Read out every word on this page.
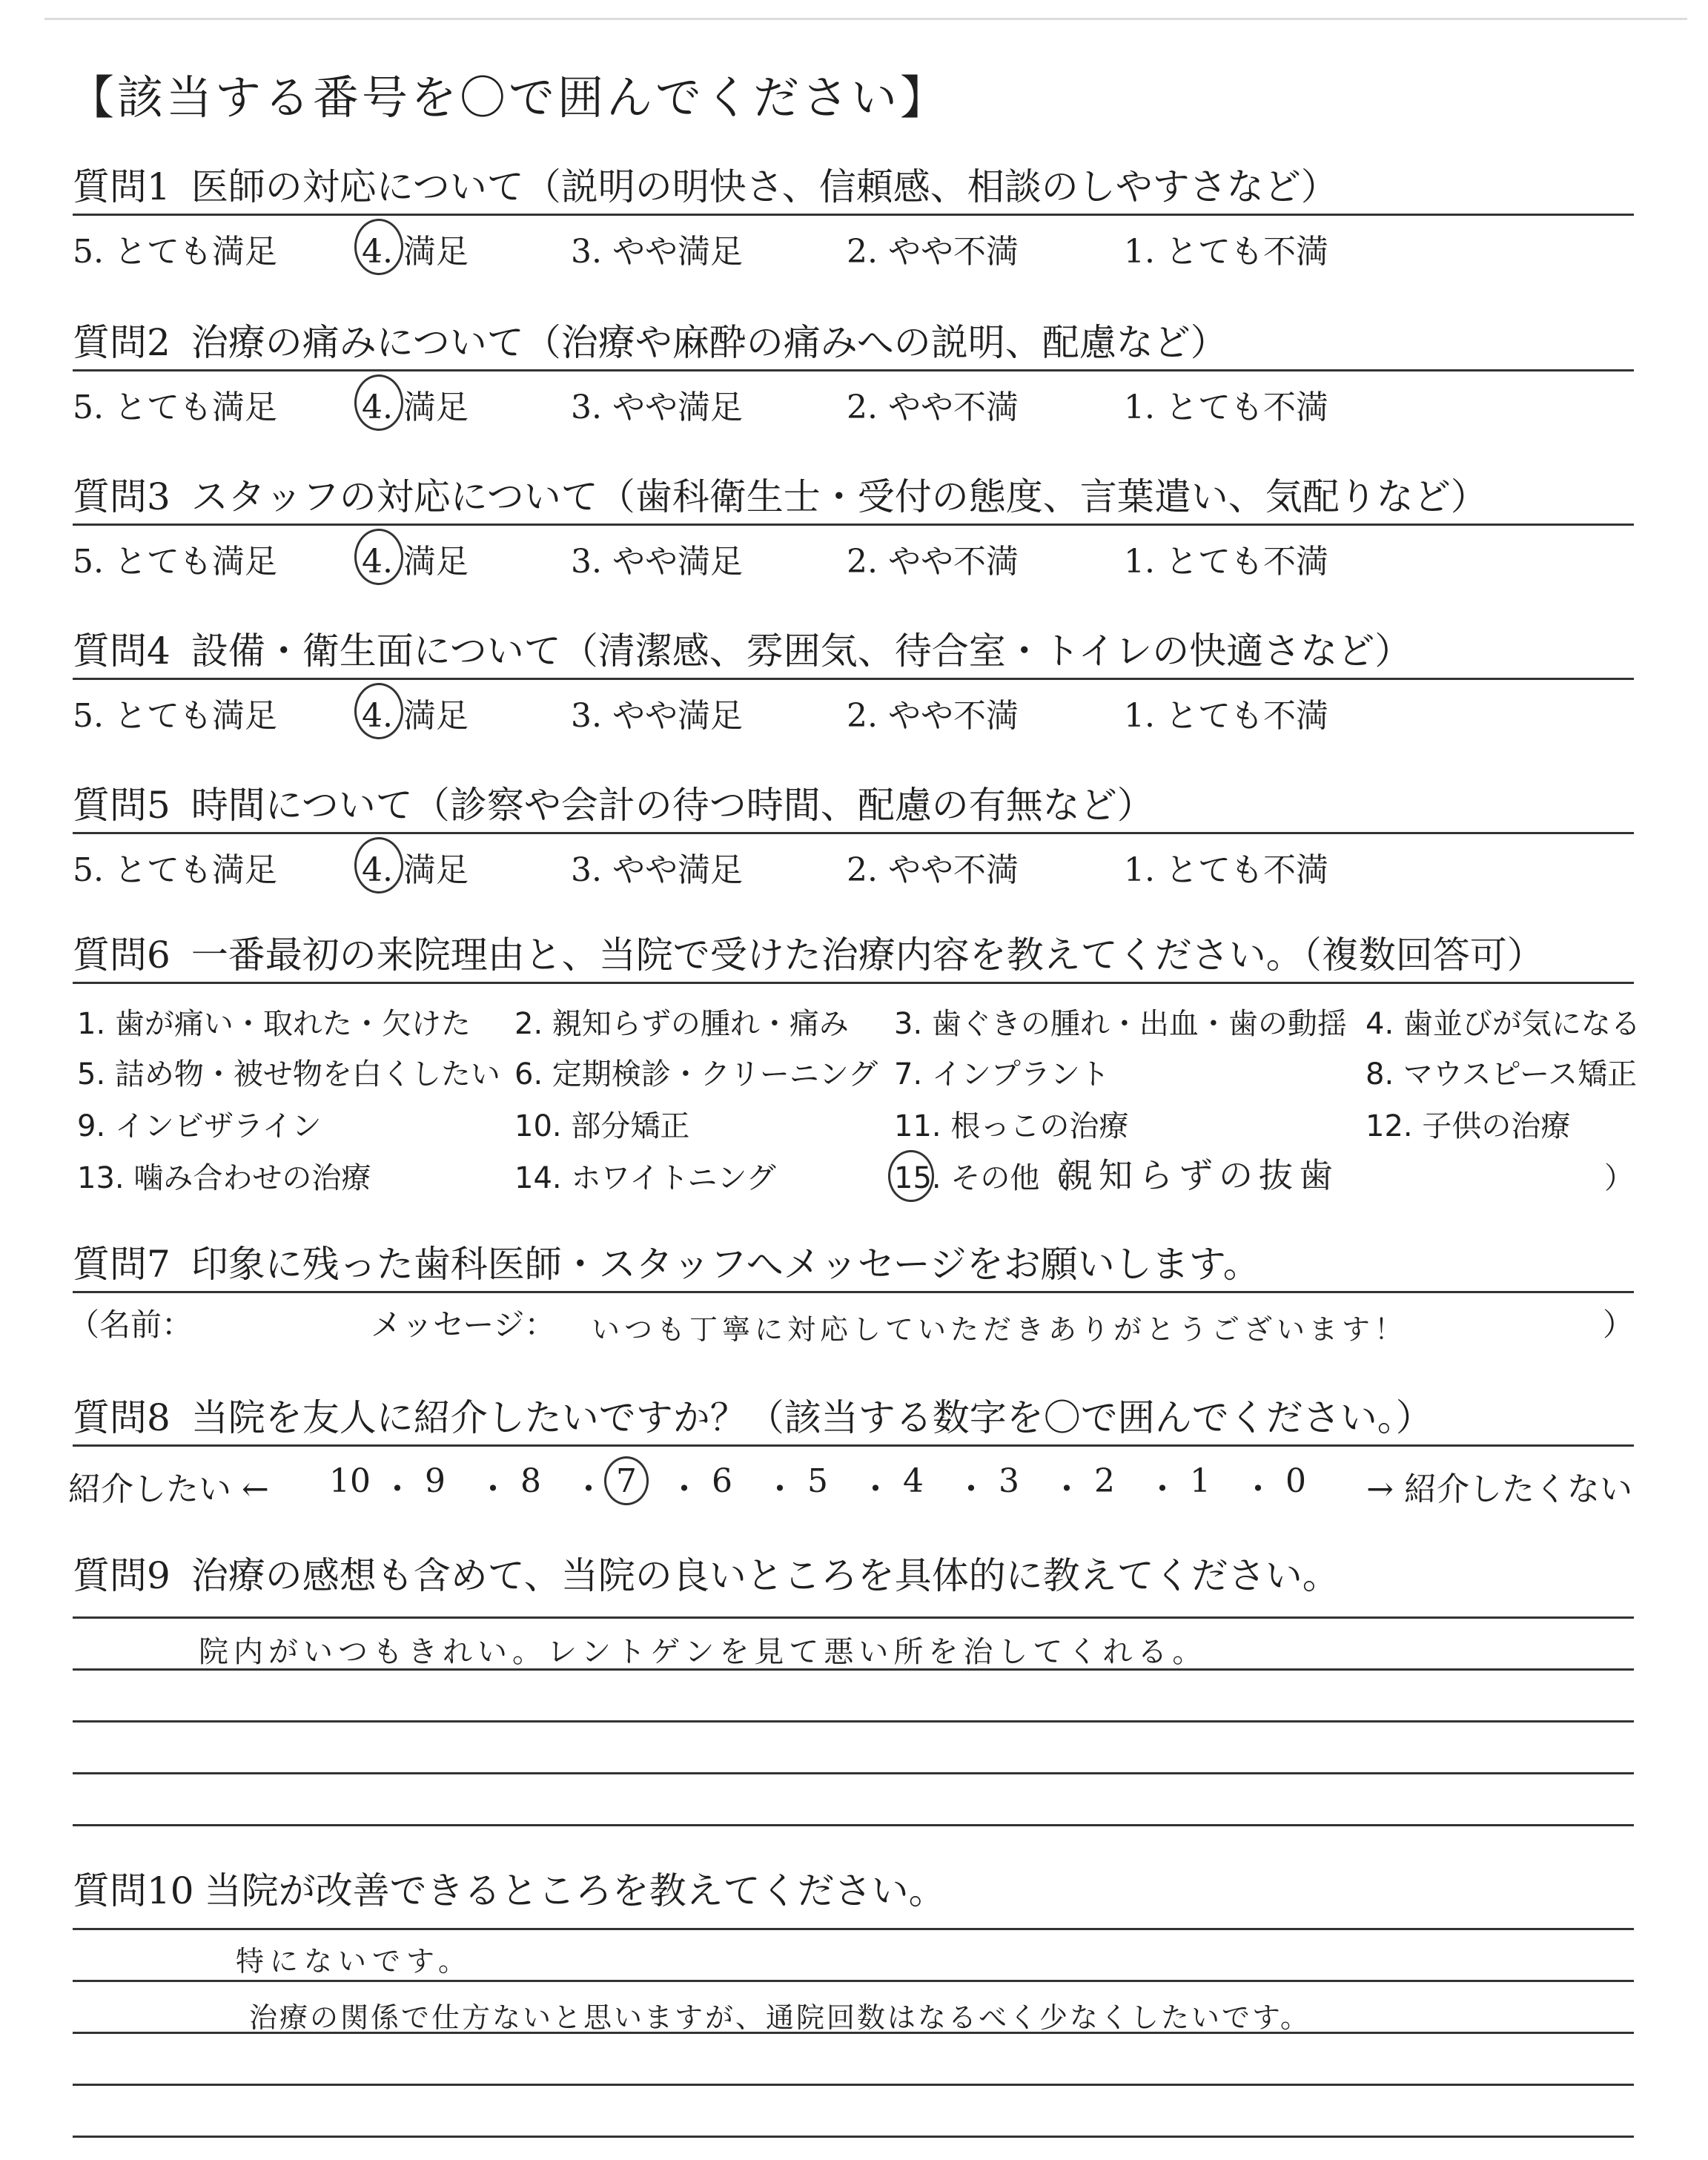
【該当する番号を〇で囲んでください】
質問1 医師の対応について（説明の明快さ、信頼感、相談のしやすさなど）
5. とても満足	4. 満足	3. やや満足	2. やや不満	1. とても不満
質問2 治療の痛みについて（治療や麻酔の痛みへの説明、配慮など）
5. とても満足	4. 満足	3. やや満足	2. やや不満	1. とても不満
質問3 スタッフの対応について（歯科衛生士・受付の態度、言葉遣い、気配りなど）
5. とても満足	4. 満足	3. やや満足	2. やや不満	1. とても不満
質問4 設備・衛生面について（清潔感、雰囲気、待合室・トイレの快適さなど）
5. とても満足	4. 満足	3. やや満足	2. やや不満	1. とても不満
質問5 時間について（診察や会計の待つ時間、配慮の有無など）
5. とても満足	4. 満足	3. やや満足	2. やや不満	1. とても不満
質問6 一番最初の来院理由と、当院で受けた治療内容を教えてください。（複数回答可）
1. 歯が痛い・取れた・欠けた 2. 親知らずの腫れ・痛み 3. 歯ぐきの腫れ・出血・歯の動揺 4. 歯並びが気になる
5. 詰め物・被せ物を白くしたい 6. 定期検診・クリーニング 7. インプラント	8. マウスピース矯正
9. インビザライン	10. 部分矯正	11. 根っこの治療	12. 子供の治療
13. 噛み合わせの治療	14. ホワイトニング	15. その他（
親知らずの抜歯	）
質問7 印象に残った歯科医師・スタッフへメッセージをお願いします。
（名前：	メッセージ： いつも丁寧に対応していただきありがとうございます！	）
質問8 当院を友人に紹介したいですか？（該当する数字を〇で囲んでください。）
紹介したい ← 10 ・ 9 ・ 8 ・ 7 ・ 6 ・ 5 ・ 4 ・ 3 ・ 2 ・ 1 ・ 0 → 紹介したくない
質問9 治療の感想も含めて、当院の良いところを具体的に教えてください。
院内がいつもきれい。レントゲンを見て悪い所を治してくれる。
質問10 当院が改善できるところを教えてください。
特にないです。
治療の関係で仕方ないと思いますが、通院回数はなるべく少なくしたいです。
